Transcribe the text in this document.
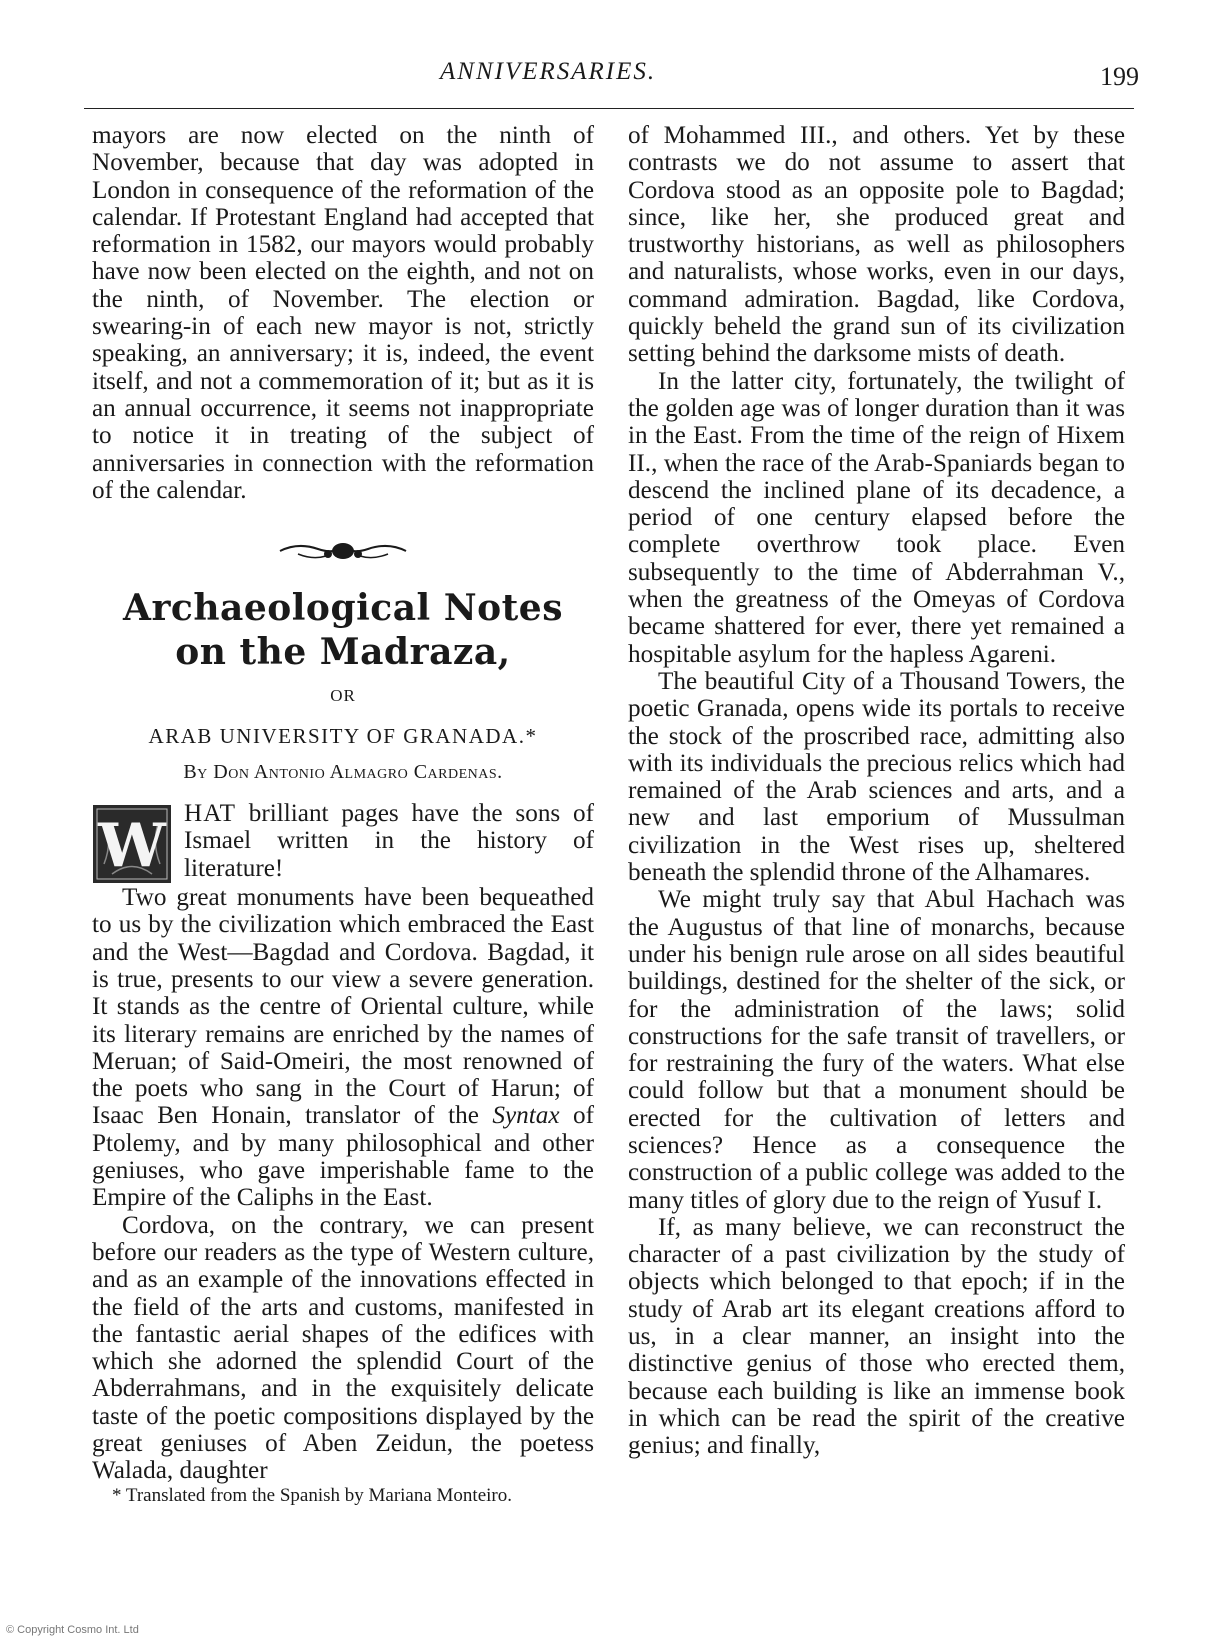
ANNIVERSARIES.	199

mayors are now elected on the ninth of November, because that day was adopted in London in consequence of the reformation of the calendar. If Protestant England had accepted that reformation in 1582, our mayors would probably have now been elected on the eighth, and not on the ninth, of November. The election or swearing-in of each new mayor is not, strictly speaking, an anniversary; it is, indeed, the event itself, and not a commemoration of it; but as it is an annual occurrence, it seems not inappropriate to notice it in treating of the subject of anniversaries in connection with the reformation of the calendar.

Archaeological Notes on the Madraza,
OR
ARAB UNIVERSITY OF GRANADA.*
By Don Antonio Almagro Cardenas.

W HAT brilliant pages have the sons of Ismael written in the history of literature!

Two great monuments have been bequeathed to us by the civilization which embraced the East and the West—Bagdad and Cordova. Bagdad, it is true, presents to our view a severe generation. It stands as the centre of Oriental culture, while its literary remains are enriched by the names of Meruan; of Said-Omeiri, the most renowned of the poets who sang in the Court of Harun; of Isaac Ben Honain, translator of the Syntax of Ptolemy, and by many philosophical and other geniuses, who gave imperishable fame to the Empire of the Caliphs in the East.

Cordova, on the contrary, we can present before our readers as the type of Western culture, and as an example of the innovations effected in the field of the arts and customs, manifested in the fantastic aerial shapes of the edifices with which she adorned the splendid Court of the Abderrahmans, and in the exquisitely delicate taste of the poetic compositions displayed by the great geniuses of Aben Zeidun, the poetess Walada, daughter

* Translated from the Spanish by Mariana Monteiro.

of Mohammed III., and others. Yet by these contrasts we do not assume to assert that Cordova stood as an opposite pole to Bagdad; since, like her, she produced great and trustworthy historians, as well as philosophers and naturalists, whose works, even in our days, command admiration. Bagdad, like Cordova, quickly beheld the grand sun of its civilization setting behind the darksome mists of death.

In the latter city, fortunately, the twilight of the golden age was of longer duration than it was in the East. From the time of the reign of Hixem II., when the race of the Arab-Spaniards began to descend the inclined plane of its decadence, a period of one century elapsed before the complete overthrow took place. Even subsequently to the time of Abderrahman V., when the greatness of the Omeyas of Cordova became shattered for ever, there yet remained a hospitable asylum for the hapless Agareni.

The beautiful City of a Thousand Towers, the poetic Granada, opens wide its portals to receive the stock of the proscribed race, admitting also with its individuals the precious relics which had remained of the Arab sciences and arts, and a new and last emporium of Mussulman civilization in the West rises up, sheltered beneath the splendid throne of the Alhamares.

We might truly say that Abul Hachach was the Augustus of that line of monarchs, because under his benign rule arose on all sides beautiful buildings, destined for the shelter of the sick, or for the administration of the laws; solid constructions for the safe transit of travellers, or for restraining the fury of the waters. What else could follow but that a monument should be erected for the cultivation of letters and sciences? Hence as a consequence the construction of a public college was added to the many titles of glory due to the reign of Yusuf I.

If, as many believe, we can reconstruct the character of a past civilization by the study of objects which belonged to that epoch; if in the study of Arab art its elegant creations afford to us, in a clear manner, an insight into the distinctive genius of those who erected them, because each building is like an immense book in which can be read the spirit of the creative genius; and finally,

© Copyright Cosmo Int. Ltd
